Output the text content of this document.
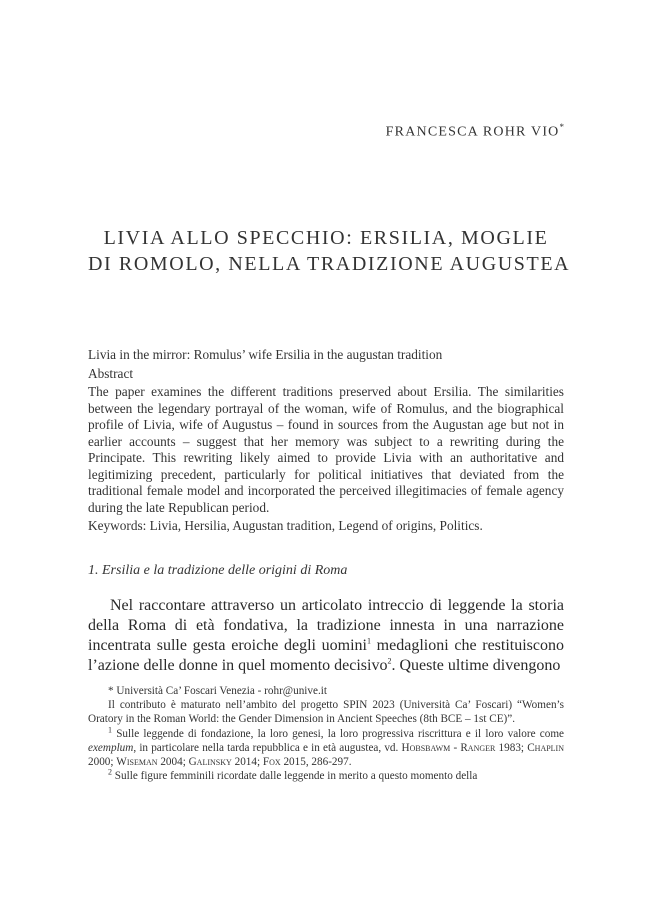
FRANCESCA ROHR VIO*
LIVIA ALLO SPECCHIO: ERSILIA, MOGLIE
DI ROMOLO, NELLA TRADIZIONE AUGUSTEA

Livia in the mirror: Romulus’ wife Ersilia in the augustan tradition

Abstract

The paper examines the different traditions preserved about Ersilia. The similarities between the legendary portrayal of the woman, wife of Romulus, and the biographical profile of Livia, wife of Augustus – found in sources from the Augustan age but not in earlier accounts – suggest that her memory was subject to a rewriting during the Principate. This rewriting likely aimed to provide Livia with an authoritative and legitimizing precedent, particularly for political initiatives that deviated from the traditional female model and incorporated the perceived illegitimacies of female agency during the late Republican period.

Keywords: Livia, Hersilia, Augustan tradition, Legend of origins, Politics.

1. Ersilia e la tradizione delle origini di Roma
Nel raccontare attraverso un articolato intreccio di leggende la storia della Roma di età fondativa, la tradizione innesta in una narrazione incentrata sulle gesta eroiche degli uomini$^1$ medaglioni che restituiscono l’azione delle donne in quel momento decisivo$^2$. Queste ultime divengono

* Università Ca’ Foscari Venezia - rohr@unive.it

Il contributo è maturato nell’ambito del progetto SPIN 2023 (Università Ca’ Foscari) “Women’s Oratory in the Roman World: the Gender Dimension in Ancient Speeches (8th BCE – 1st CE)”.

$^1$ Sulle leggende di fondazione, la loro genesi, la loro progressiva riscrittura e il loro valore come exemplum, in particolare nella tarda repubblica e in età augustea, vd. Hobsbawm - Ranger 1983; Chaplin 2000; Wiseman 2004; Galinsky 2014; Fox 2015, 286-297.

$^2$ Sulle figure femminili ricordate dalle leggende in merito a questo momento della
